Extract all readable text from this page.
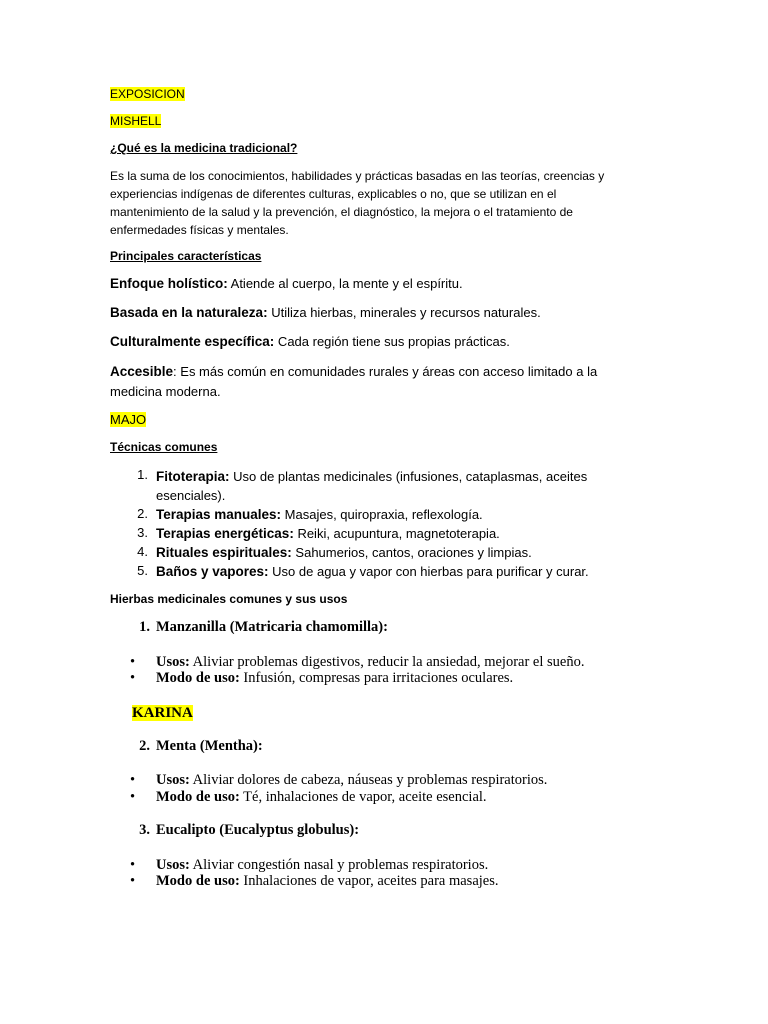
EXPOSICION
MISHELL
¿Qué es la medicina tradicional?
Es la suma de los conocimientos, habilidades y prácticas basadas en las teorías, creencias y experiencias indígenas de diferentes culturas, explicables o no, que se utilizan en el mantenimiento de la salud y la prevención, el diagnóstico, la mejora o el tratamiento de enfermedades físicas y mentales.
Principales características
Enfoque holístico: Atiende al cuerpo, la mente y el espíritu.
Basada en la naturaleza: Utiliza hierbas, minerales y recursos naturales.
Culturalmente específica: Cada región tiene sus propias prácticas.
Accesible: Es más común en comunidades rurales y áreas con acceso limitado a la medicina moderna.
MAJO
Técnicas comunes
1. Fitoterapia: Uso de plantas medicinales (infusiones, cataplasmas, aceites esenciales).
2. Terapias manuales: Masajes, quiropraxia, reflexología.
3. Terapias energéticas: Reiki, acupuntura, magnetoterapia.
4. Rituales espirituales: Sahumerios, cantos, oraciones y limpias.
5. Baños y vapores: Uso de agua y vapor con hierbas para purificar y curar.
Hierbas medicinales comunes y sus usos
1. Manzanilla (Matricaria chamomilla):
• Usos: Aliviar problemas digestivos, reducir la ansiedad, mejorar el sueño.
• Modo de uso: Infusión, compresas para irritaciones oculares.
KARINA
2. Menta (Mentha):
• Usos: Aliviar dolores de cabeza, náuseas y problemas respiratorios.
• Modo de uso: Té, inhalaciones de vapor, aceite esencial.
3. Eucalipto (Eucalyptus globulus):
• Usos: Aliviar congestión nasal y problemas respiratorios.
• Modo de uso: Inhalaciones de vapor, aceites para masajes.
